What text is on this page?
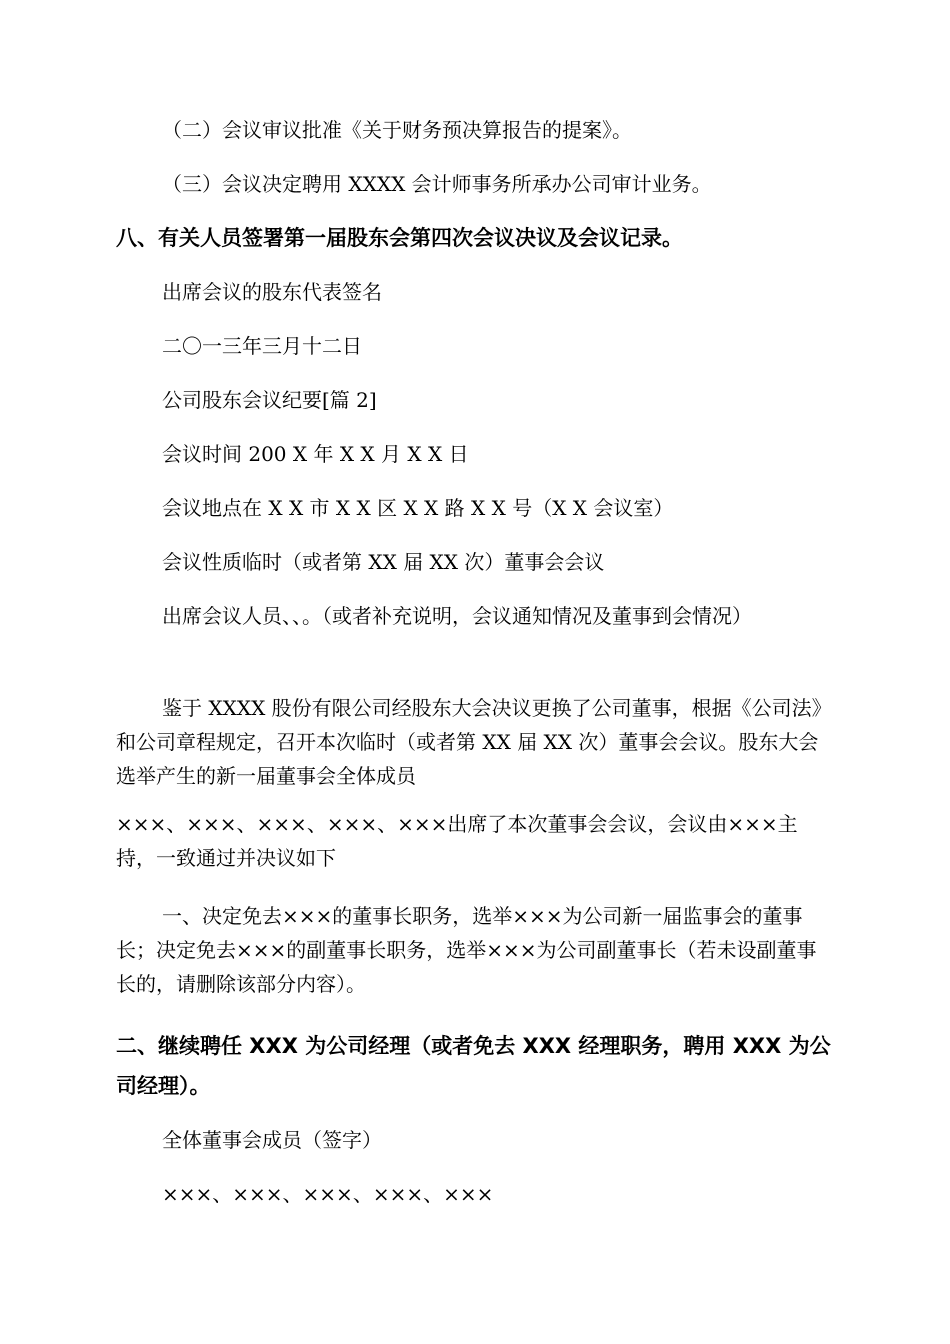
（二）会议审议批准《关于财务预决算报告的提案》。

（三）会议决定聘用 XXXX 会计师事务所承办公司审计业务。

八、有关人员签署第一届股东会第四次会议决议及会议记录。

出席会议的股东代表签名

二〇一三年三月十二日

公司股东会议纪要[篇 2]

会议时间 200 X 年 X X 月 X X 日

会议地点在 X X 市 X X 区 X X 路 X X 号（X X 会议室）

会议性质临时（或者第 XX 届 XX 次）董事会会议

出席会议人员、、。（或者补充说明，会议通知情况及董事到会情况）

鉴于 XXXX 股份有限公司经股东大会决议更换了公司董事，根据《公司法》和公司章程规定，召开本次临时（或者第 XX 届 XX 次）董事会会议。股东大会选举产生的新一届董事会全体成员

×××、×××、×××、×××、×××出席了本次董事会会议，会议由×××主持，一致通过并决议如下

一、决定免去×××的董事长职务，选举×××为公司新一届监事会的董事长；决定免去×××的副董事长职务，选举×××为公司副董事长（若未设副董事长的，请删除该部分内容）。

二、继续聘任 XXX 为公司经理（或者免去 XXX 经理职务，聘用 XXX 为公司经理）。

全体董事会成员（签字）

×××、×××、×××、×××、×××
